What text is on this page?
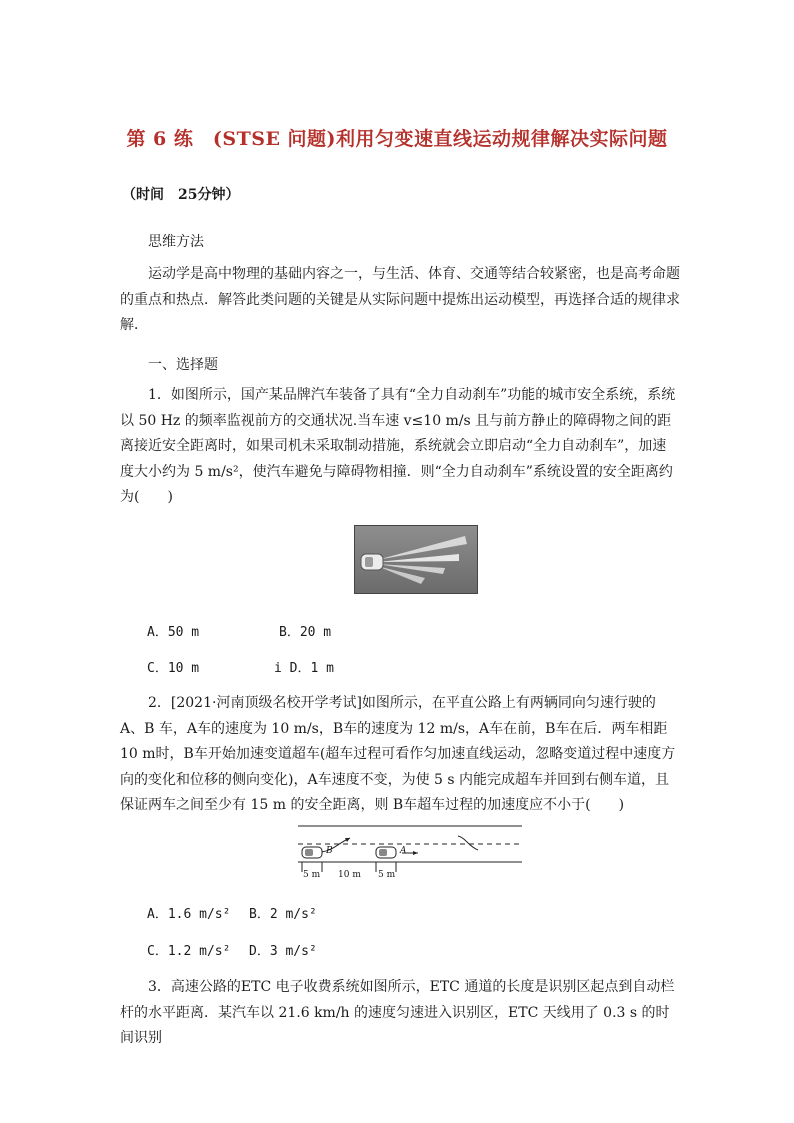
第 6 练　(STSE 问题)利用匀变速直线运动规律解决实际问题
（时间　25分钟）
思维方法
运动学是高中物理的基础内容之一，与生活、体育、交通等结合较紧密，也是高考命题的重点和热点．解答此类问题的关键是从实际问题中提炼出运动模型，再选择合适的规律求解．
一、选择题
1．如图所示，国产某品牌汽车装备了具有“全力自动刹车”功能的城市安全系统，系统以 50 Hz 的频率监视前方的交通状况.当车速 v≤10 m/s 且与前方静止的障碍物之间的距离接近安全距离时，如果司机未采取制动措施，系统就会立即启动“全力自动刹车”，加速度大小约为 5 m/s²，使汽车避免与障碍物相撞．则“全力自动刹车”系统设置的安全距离约为(　　)
A．50 m	B．20 m
C．10 m	i D．1 m
2．[2021·河南顶级名校开学考试]如图所示，在平直公路上有两辆同向匀速行驶的 A、B 车，A车的速度为 10 m/s，B车的速度为 12 m/s，A车在前，B车在后．两车相距 10 m时，B车开始加速变道超车(超车过程可看作匀加速直线运动，忽略变道过程中速度方向的变化和位移的侧向变化)，A车速度不变，为使 5 s 内能完成超车并回到右侧车道，且保证两车之间至少有 15 m 的安全距离，则 B车超车过程的加速度应不小于(　　)
B	A
5 m 10 m 5 m
A．1.6 m/s² B．2 m/s²
C．1.2 m/s² D．3 m/s²
3．高速公路的ETC 电子收费系统如图所示，ETC 通道的长度是识别区起点到自动栏杆的水平距离．某汽车以 21.6 km/h 的速度匀速进入识别区，ETC 天线用了 0.3 s 的时间识别
